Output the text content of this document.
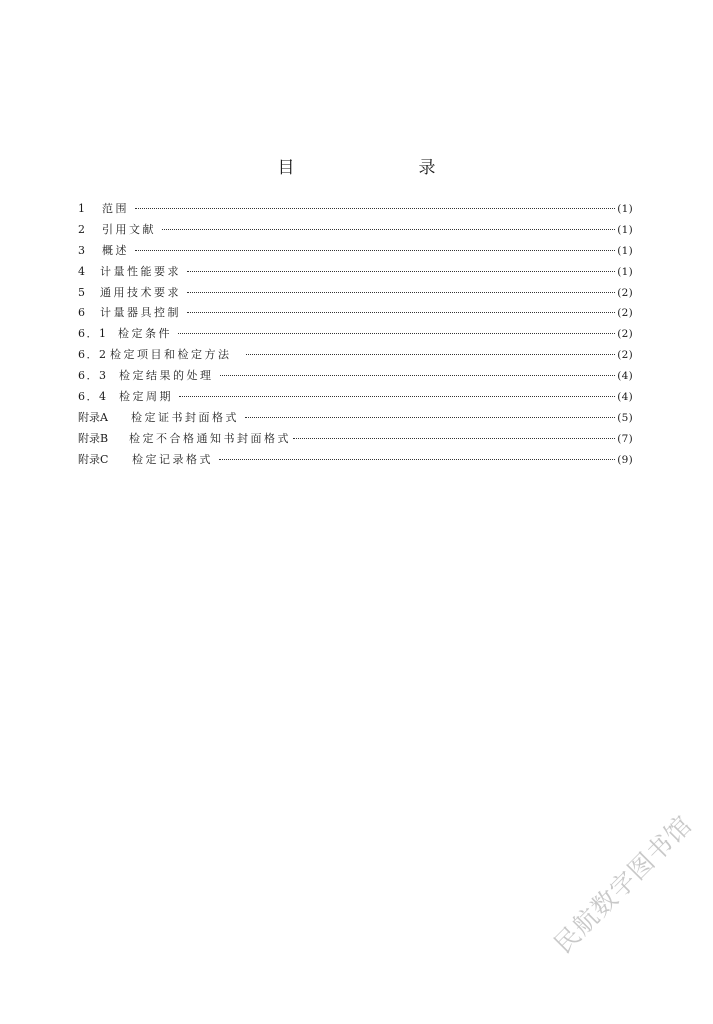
目　　录
1	范围	(1)
2	引用文献	(1)
3	概述	(1)
4	计量性能要求	(1)
5	通用技术要求	(2)
6	计量器具控制	(2)
6．1 检定条件	(2)
6．2 检定项目和检定方法	(2)
6．3	检定结果的处理	(4)
6．4	检定周期	(4)
附录A	检定证书封面格式	(5)
附录B	检定不合格通知书封面格式	(7)
附录C	检定记录格式	(9)
民航数字图书馆
